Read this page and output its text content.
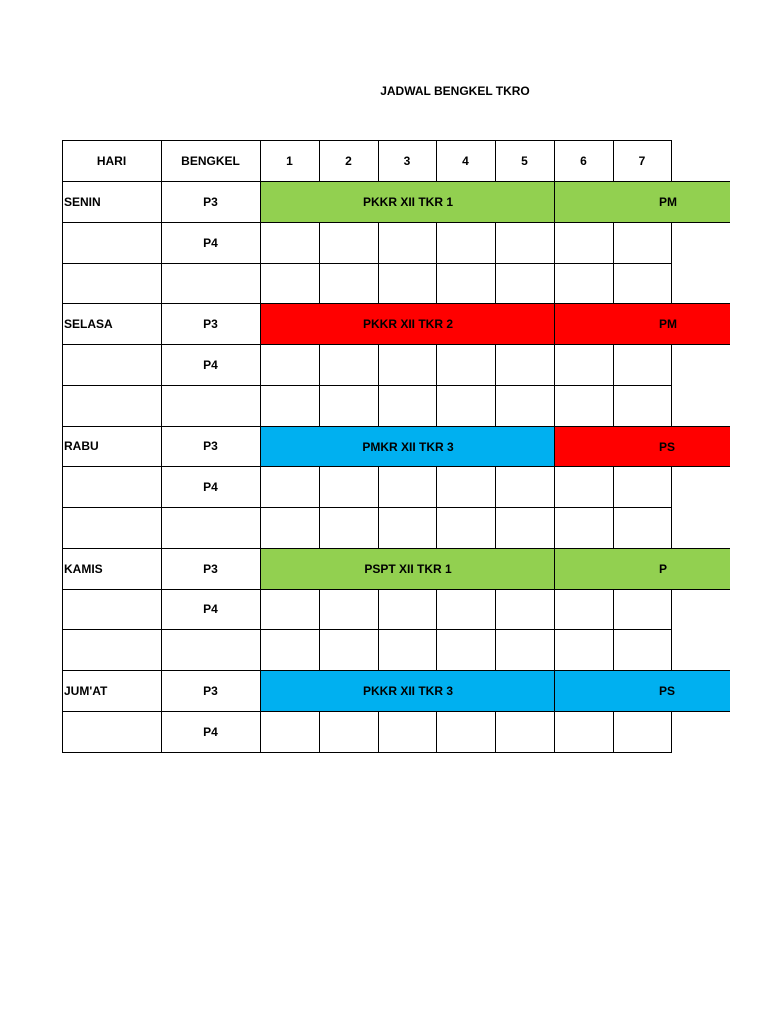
JADWAL BENGKEL TKRO
HARI	BENGKEL	1	2	3	4	5	6	7
SENIN	P3	PKKR XII TKR 1	PM
P4
SELASA	P3	PKKR XII TKR 2	PM
P4
RABU	P3	PMKR XII TKR 3	PS
P4
KAMIS	P3	PSPT XII TKR 1	P
P4
JUM'AT	P3	PKKR XII TKR 3	PS
P4
